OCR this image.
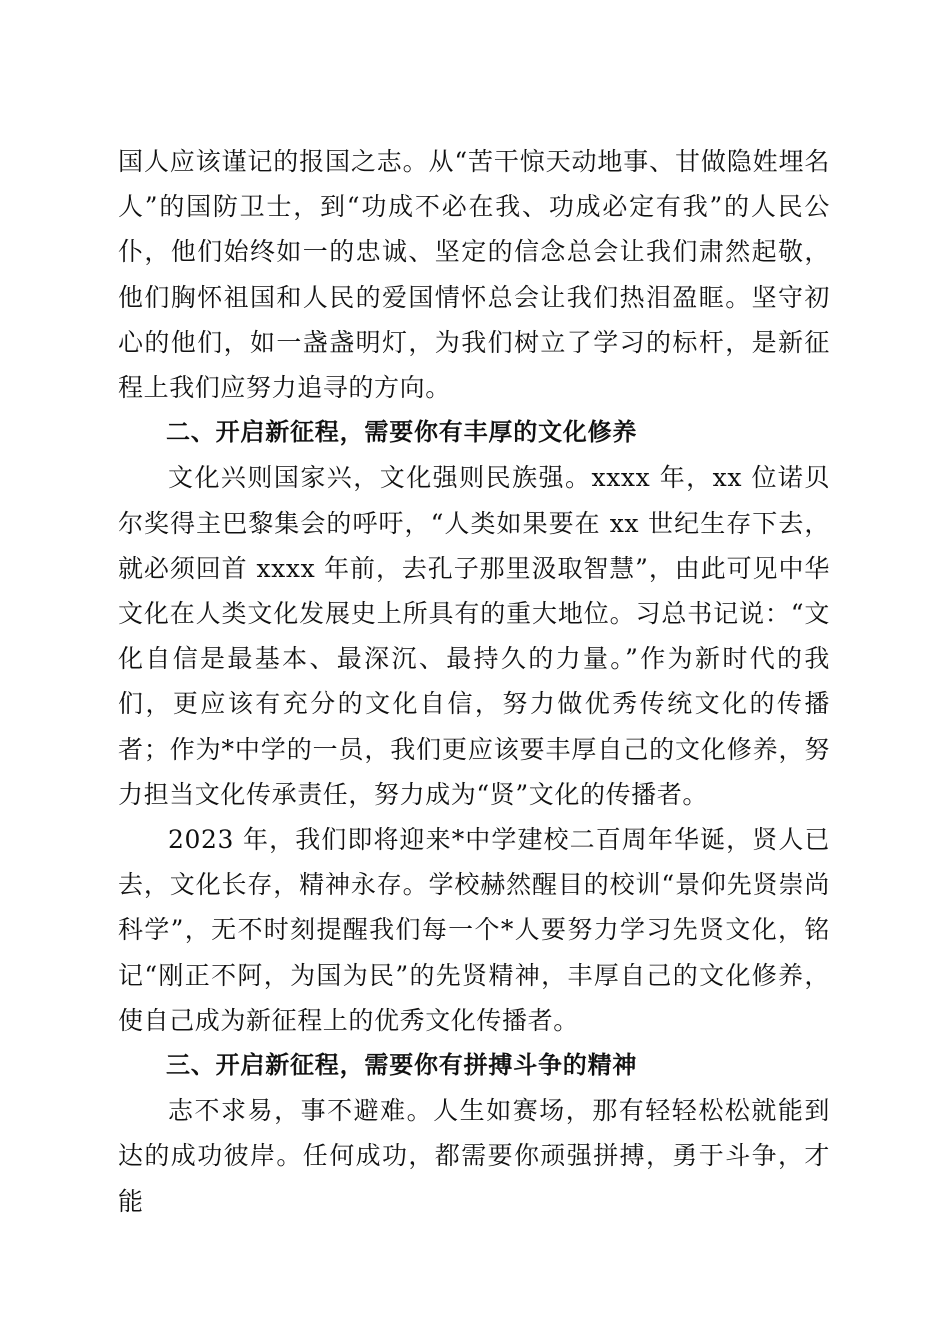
国人应该谨记的报国之志。从“苦干惊天动地事、甘做隐姓埋名人”的国防卫士，到“功成不必在我、功成必定有我”的人民公仆，他们始终如一的忠诚、坚定的信念总会让我们肃然起敬，他们胸怀祖国和人民的爱国情怀总会让我们热泪盈眶。坚守初心的他们，如一盏盏明灯，为我们树立了学习的标杆，是新征程上我们应努力追寻的方向。

二、开启新征程，需要你有丰厚的文化修养

文化兴则国家兴，文化强则民族强。xxxx 年，xx 位诺贝尔奖得主巴黎集会的呼吁，“人类如果要在 xx 世纪生存下去，就必须回首 xxxx 年前，去孔子那里汲取智慧”，由此可见中华文化在人类文化发展史上所具有的重大地位。习总书记说：“文化自信是最基本、最深沉、最持久的力量。”作为新时代的我们，更应该有充分的文化自信，努力做优秀传统文化的传播者；作为*中学的一员，我们更应该要丰厚自己的文化修养，努力担当文化传承责任，努力成为“贤”文化的传播者。

2023 年，我们即将迎来*中学建校二百周年华诞，贤人已去，文化长存，精神永存。学校赫然醒目的校训“景仰先贤崇尚科学”，无不时刻提醒我们每一个*人要努力学习先贤文化，铭记“刚正不阿，为国为民”的先贤精神，丰厚自己的文化修养，使自己成为新征程上的优秀文化传播者。

三、开启新征程，需要你有拼搏斗争的精神

志不求易，事不避难。人生如赛场，那有轻轻松松就能到达的成功彼岸。任何成功，都需要你顽强拼搏，勇于斗争，才能
